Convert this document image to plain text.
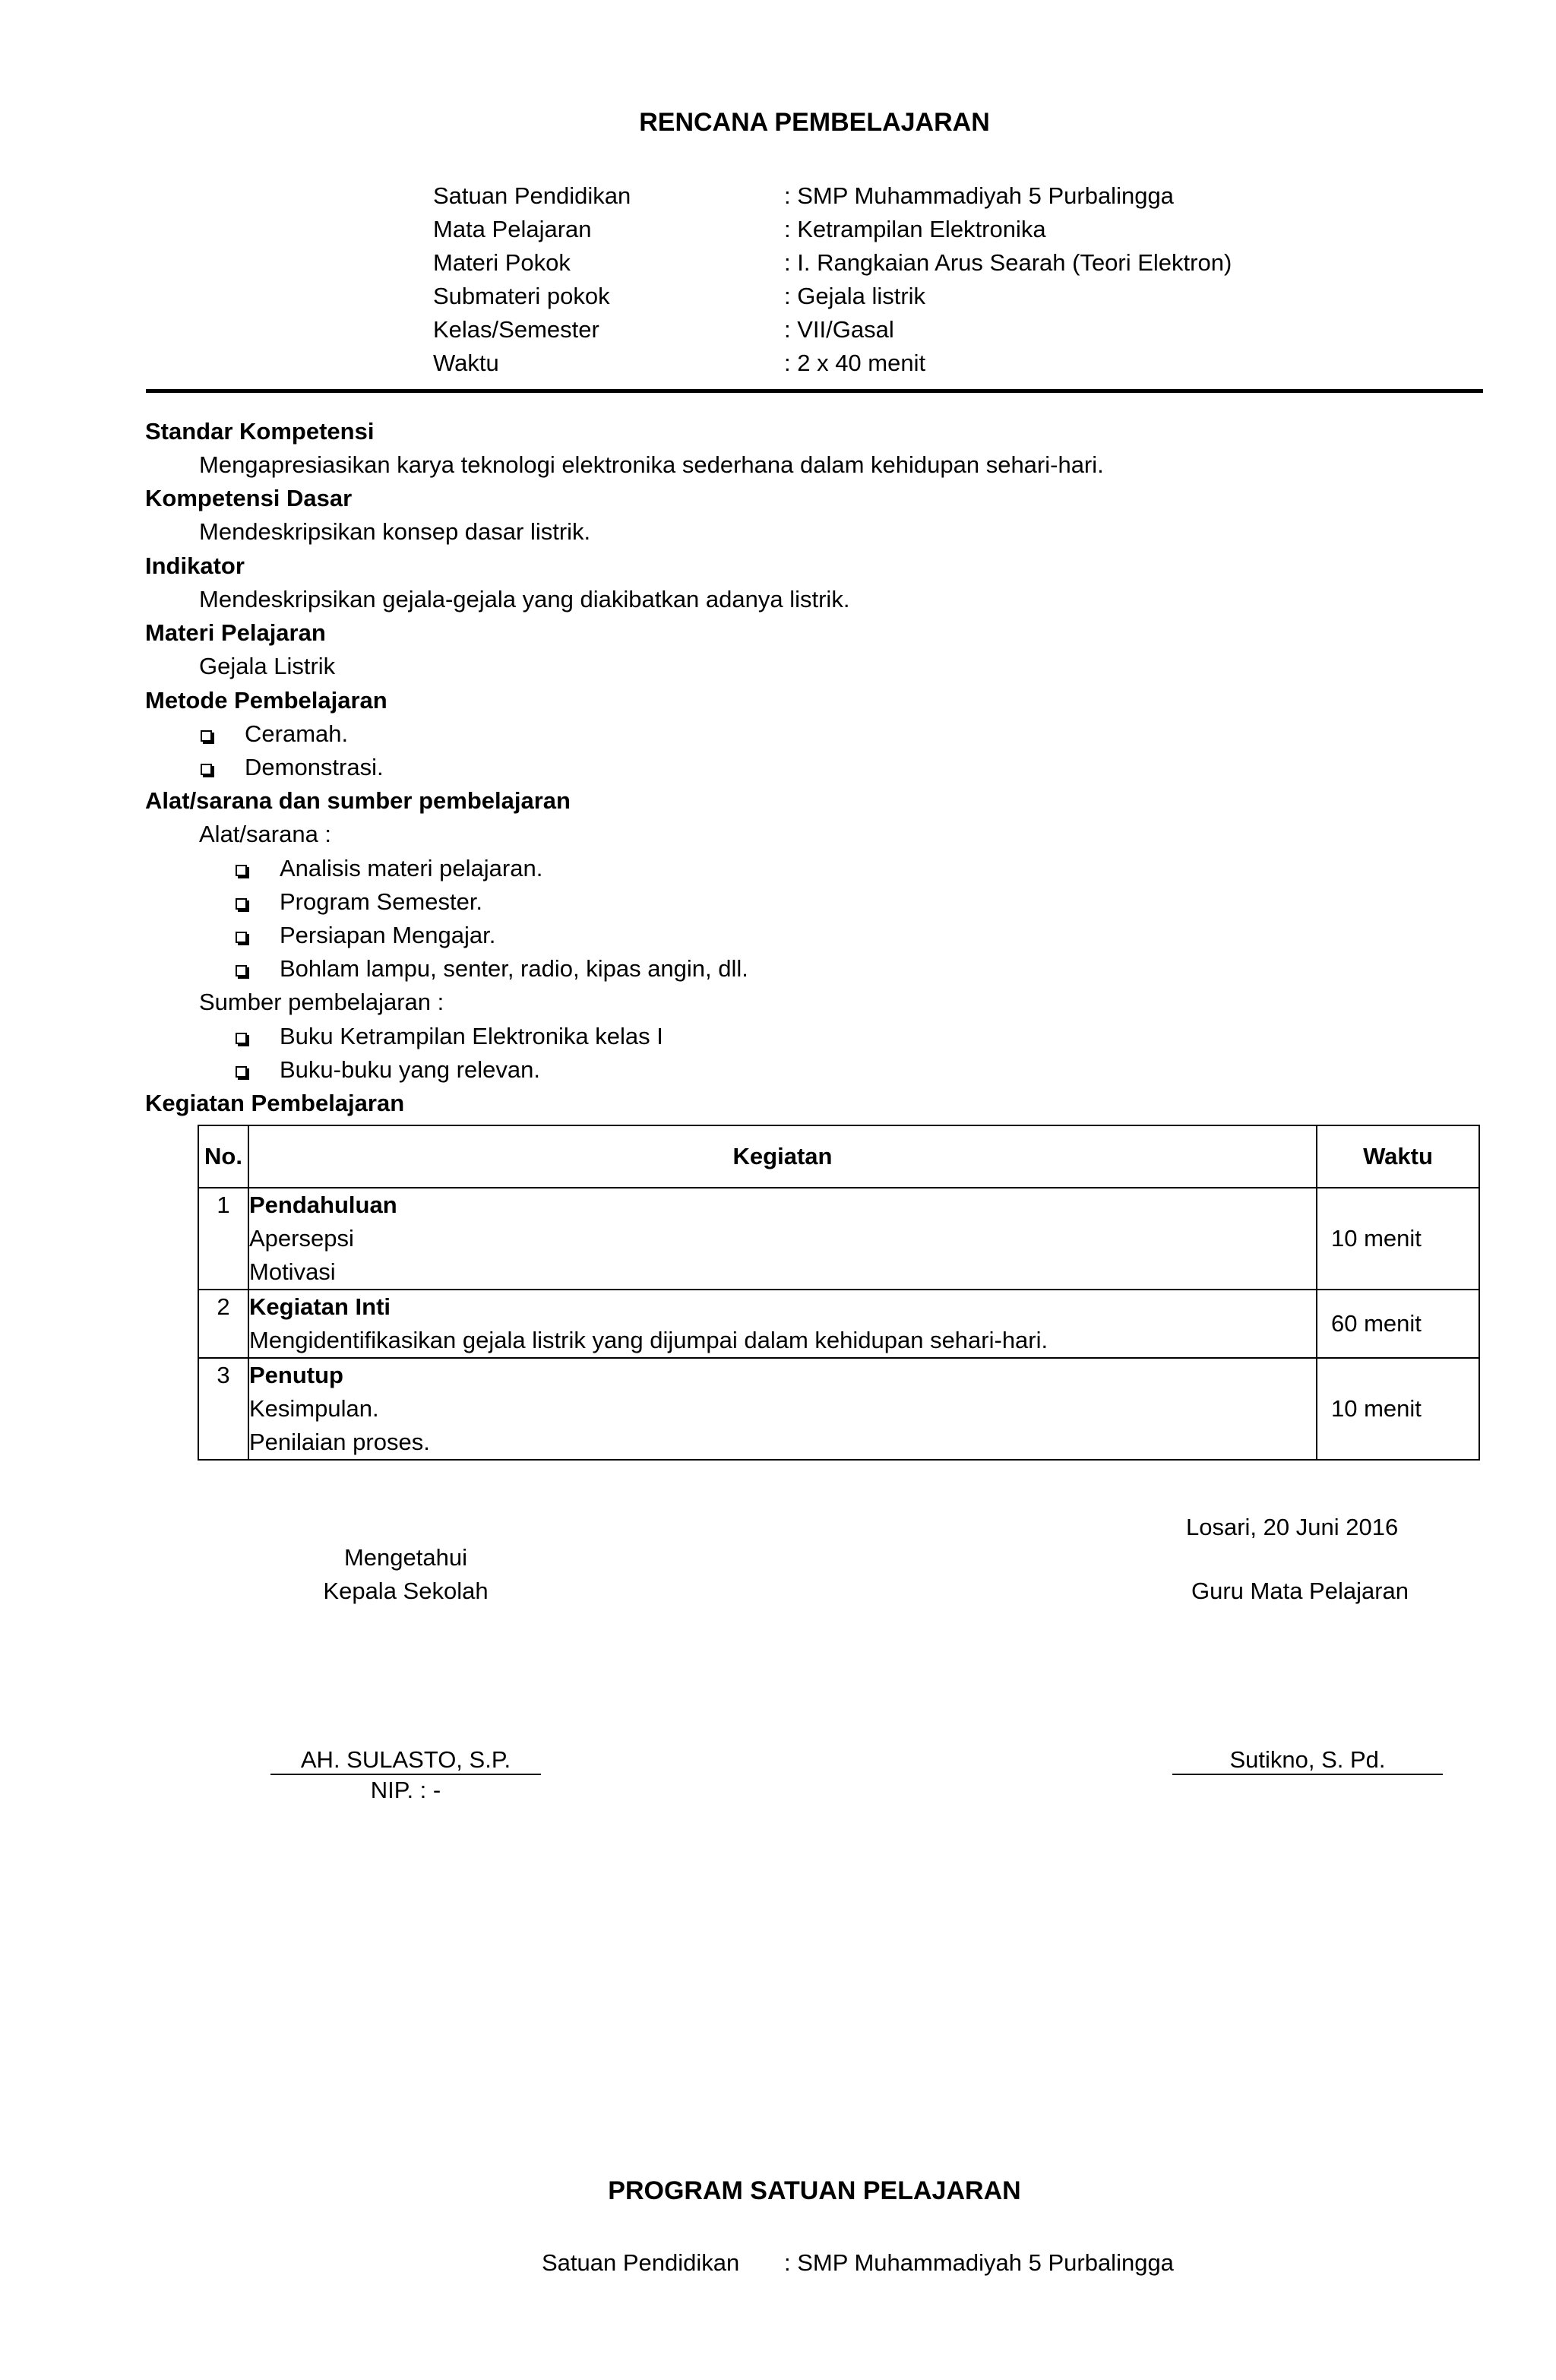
RENCANA PEMBELAJARAN
Satuan Pendidikan	: SMP Muhammadiyah 5 Purbalingga
Mata Pelajaran	: Ketrampilan Elektronika
Materi Pokok	: I. Rangkaian Arus Searah (Teori Elektron)
Submateri pokok	: Gejala listrik
Kelas/Semester	: VII/Gasal
Waktu	: 2 x 40 menit
Standar Kompetensi
Mengapresiasikan karya teknologi elektronika sederhana dalam kehidupan sehari-hari.
Kompetensi Dasar
Mendeskripsikan konsep dasar listrik.
Indikator
Mendeskripsikan gejala-gejala yang diakibatkan adanya listrik.
Materi Pelajaran
Gejala Listrik
Metode Pembelajaran
Ceramah.
Demonstrasi.
Alat/sarana dan sumber pembelajaran
Alat/sarana :
Analisis materi pelajaran.
Program Semester.
Persiapan Mengajar.
Bohlam lampu, senter, radio, kipas angin, dll.
Sumber pembelajaran :
Buku Ketrampilan Elektronika kelas I
Buku-buku yang relevan.
Kegiatan Pembelajaran
No.	Kegiatan	Waktu
1	Pendahuluan
Apersepsi
Motivasi	10 menit
2	Kegiatan Inti
Mengidentifikasikan gejala listrik yang dijumpai dalam kehidupan sehari-hari.	60 menit
3	Penutup
Kesimpulan.
Penilaian proses.	10 menit
Losari, 20 Juni 2016
Mengetahui
Kepala Sekolah	Guru Mata Pelajaran
AH. SULASTO, S.P.
NIP. : -
Sutikno, S. Pd.
PROGRAM SATUAN PELAJARAN
Satuan Pendidikan : SMP Muhammadiyah 5 Purbalingga
